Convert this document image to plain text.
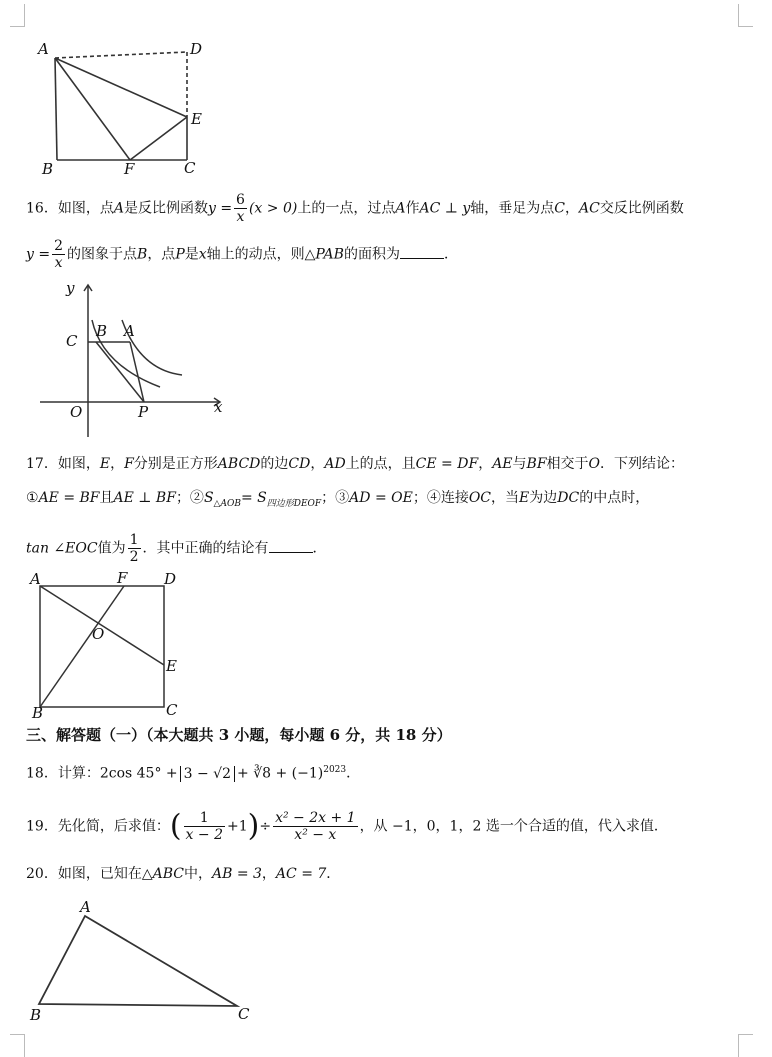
A	D
E
B	F	C
16．如图，点A是反比例函数$y = \frac{6}{x} (x > 0)$上的一点，过点A作AC ⊥ y轴，垂足为点C，AC交反比例函数
$y = \frac{2}{x}$ 的图象于点B，点P是x轴上的动点，则△PAB的面积为	．
y
C
B A
O	P	x
17．如图，E，F分别是正方形ABCD的边CD，AD上的点，且CE = DF，AE与BF相交于O．下列结论：
①AE = BF且AE ⊥ BF；$②S_{\triangle AOB}= S_{四边形DEOF}$；③AD = OE；④连接OC，当E为边DC的中点时，
tan ∠EOC值为 $\frac{1}{2}$ ．其中正确的结论有	．
A	F D
O
E
B	C
三、解答题（一）（本大题共 3 小题，每小题 6 分，共 18 分）
18．计算：2cos 45° + 3 − √2 + ∛8 + $(-1)^{2023}$．
19．先化简，后求值：( $\frac{1}{x - 2} +1)\div \frac{\text{x² − 2x + 1}}{\text{x² − x}}$ ，从 −1，0，1，2 选一个合适的值，代入求值．
20．如图，已知在△ABC中，AB = 3，AC = 7．
A
B	C
